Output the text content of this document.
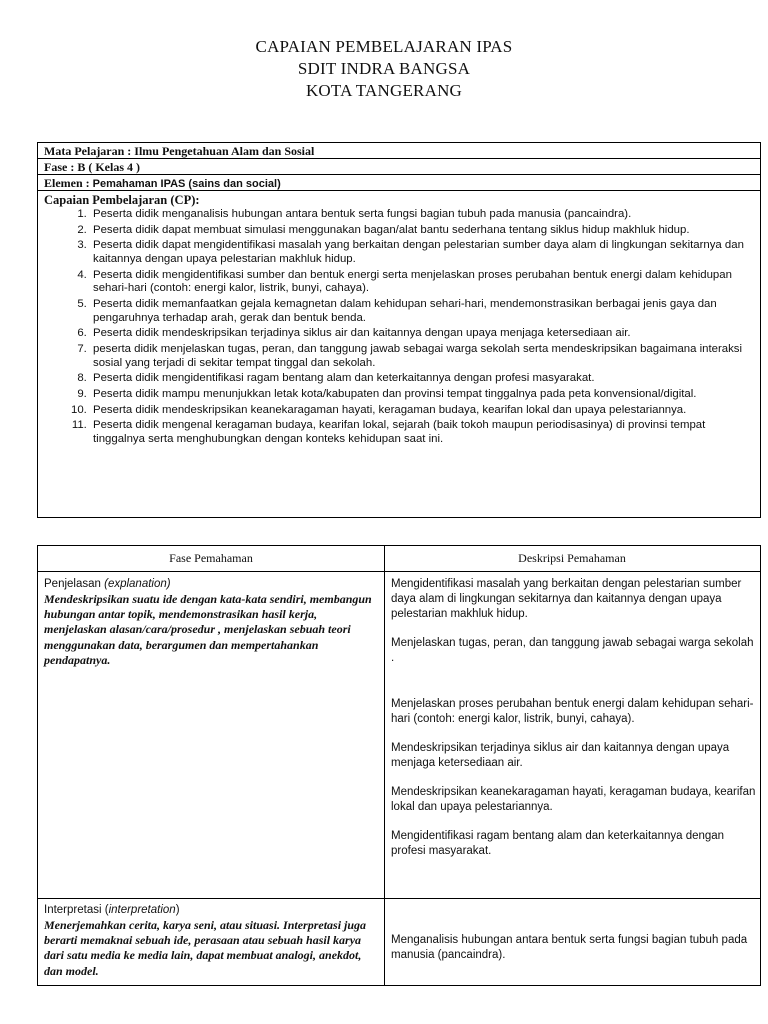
CAPAIAN PEMBELAJARAN IPAS
SDIT INDRA BANGSA
KOTA TANGERANG
Mata Pelajaran : Ilmu Pengetahuan Alam dan Sosial
Fase : B ( Kelas 4 )
Elemen : Pemahaman IPAS (sains dan social)
Capaian Pembelajaran (CP):
1. Peserta didik menganalisis hubungan antara bentuk serta fungsi bagian tubuh pada manusia (pancaindra).
2. Peserta didik dapat membuat simulasi menggunakan bagan/alat bantu sederhana tentang siklus hidup makhluk hidup.
3. Peserta didik dapat mengidentifikasi masalah yang berkaitan dengan pelestarian sumber daya alam di lingkungan sekitarnya dan kaitannya dengan upaya pelestarian makhluk hidup.
4. Peserta didik mengidentifikasi sumber dan bentuk energi serta menjelaskan proses perubahan bentuk energi dalam kehidupan sehari-hari (contoh: energi kalor, listrik, bunyi, cahaya).
5. Peserta didik memanfaatkan gejala kemagnetan dalam kehidupan sehari-hari, mendemonstrasikan berbagai jenis gaya dan pengaruhnya terhadap arah, gerak dan bentuk benda.
6. Peserta didik mendeskripsikan terjadinya siklus air dan kaitannya dengan upaya menjaga ketersediaan air.
7. peserta didik menjelaskan tugas, peran, dan tanggung jawab sebagai warga sekolah serta mendeskripsikan bagaimana interaksi sosial yang terjadi di sekitar tempat tinggal dan sekolah.
8. Peserta didik mengidentifikasi ragam bentang alam dan keterkaitannya dengan profesi masyarakat.
9. Peserta didik mampu menunjukkan letak kota/kabupaten dan provinsi tempat tinggalnya pada peta konvensional/digital.
10. Peserta didik mendeskripsikan keanekaragaman hayati, keragaman budaya, kearifan lokal dan upaya pelestariannya.
11. Peserta didik mengenal keragaman budaya, kearifan lokal, sejarah (baik tokoh maupun periodisasinya) di provinsi tempat tinggalnya serta menghubungkan dengan konteks kehidupan saat ini.
Fase Pemahaman	Deskripsi Pemahaman
Penjelasan (explanation)
Mendeskripsikan suatu ide dengan kata-kata sendiri, membangun hubungan antar topik, mendemonstrasikan hasil kerja, menjelaskan alasan/cara/prosedur , menjelaskan sebuah teori menggunakan data, berargumen dan mempertahankan pendapatnya.

Mengidentifikasi masalah yang berkaitan dengan pelestarian sumber daya alam di lingkungan sekitarnya dan kaitannya dengan upaya pelestarian makhluk hidup.

Menjelaskan tugas, peran, dan tanggung jawab sebagai warga sekolah .

Menjelaskan proses perubahan bentuk energi dalam kehidupan sehari-hari (contoh: energi kalor, listrik, bunyi, cahaya).

Mendeskripsikan terjadinya siklus air dan kaitannya dengan upaya menjaga ketersediaan air.

Mendeskripsikan keanekaragaman hayati, keragaman budaya, kearifan lokal dan upaya pelestariannya.

Mengidentifikasi ragam bentang alam dan keterkaitannya dengan profesi masyarakat.

Interpretasi (interpretation)
Menerjemahkan cerita, karya seni, atau situasi. Interpretasi juga berarti memaknai sebuah ide, perasaan atau sebuah hasil karya dari satu media ke media lain, dapat membuat analogi, anekdot, dan model.

Menganalisis hubungan antara bentuk serta fungsi bagian tubuh pada manusia (pancaindra).
